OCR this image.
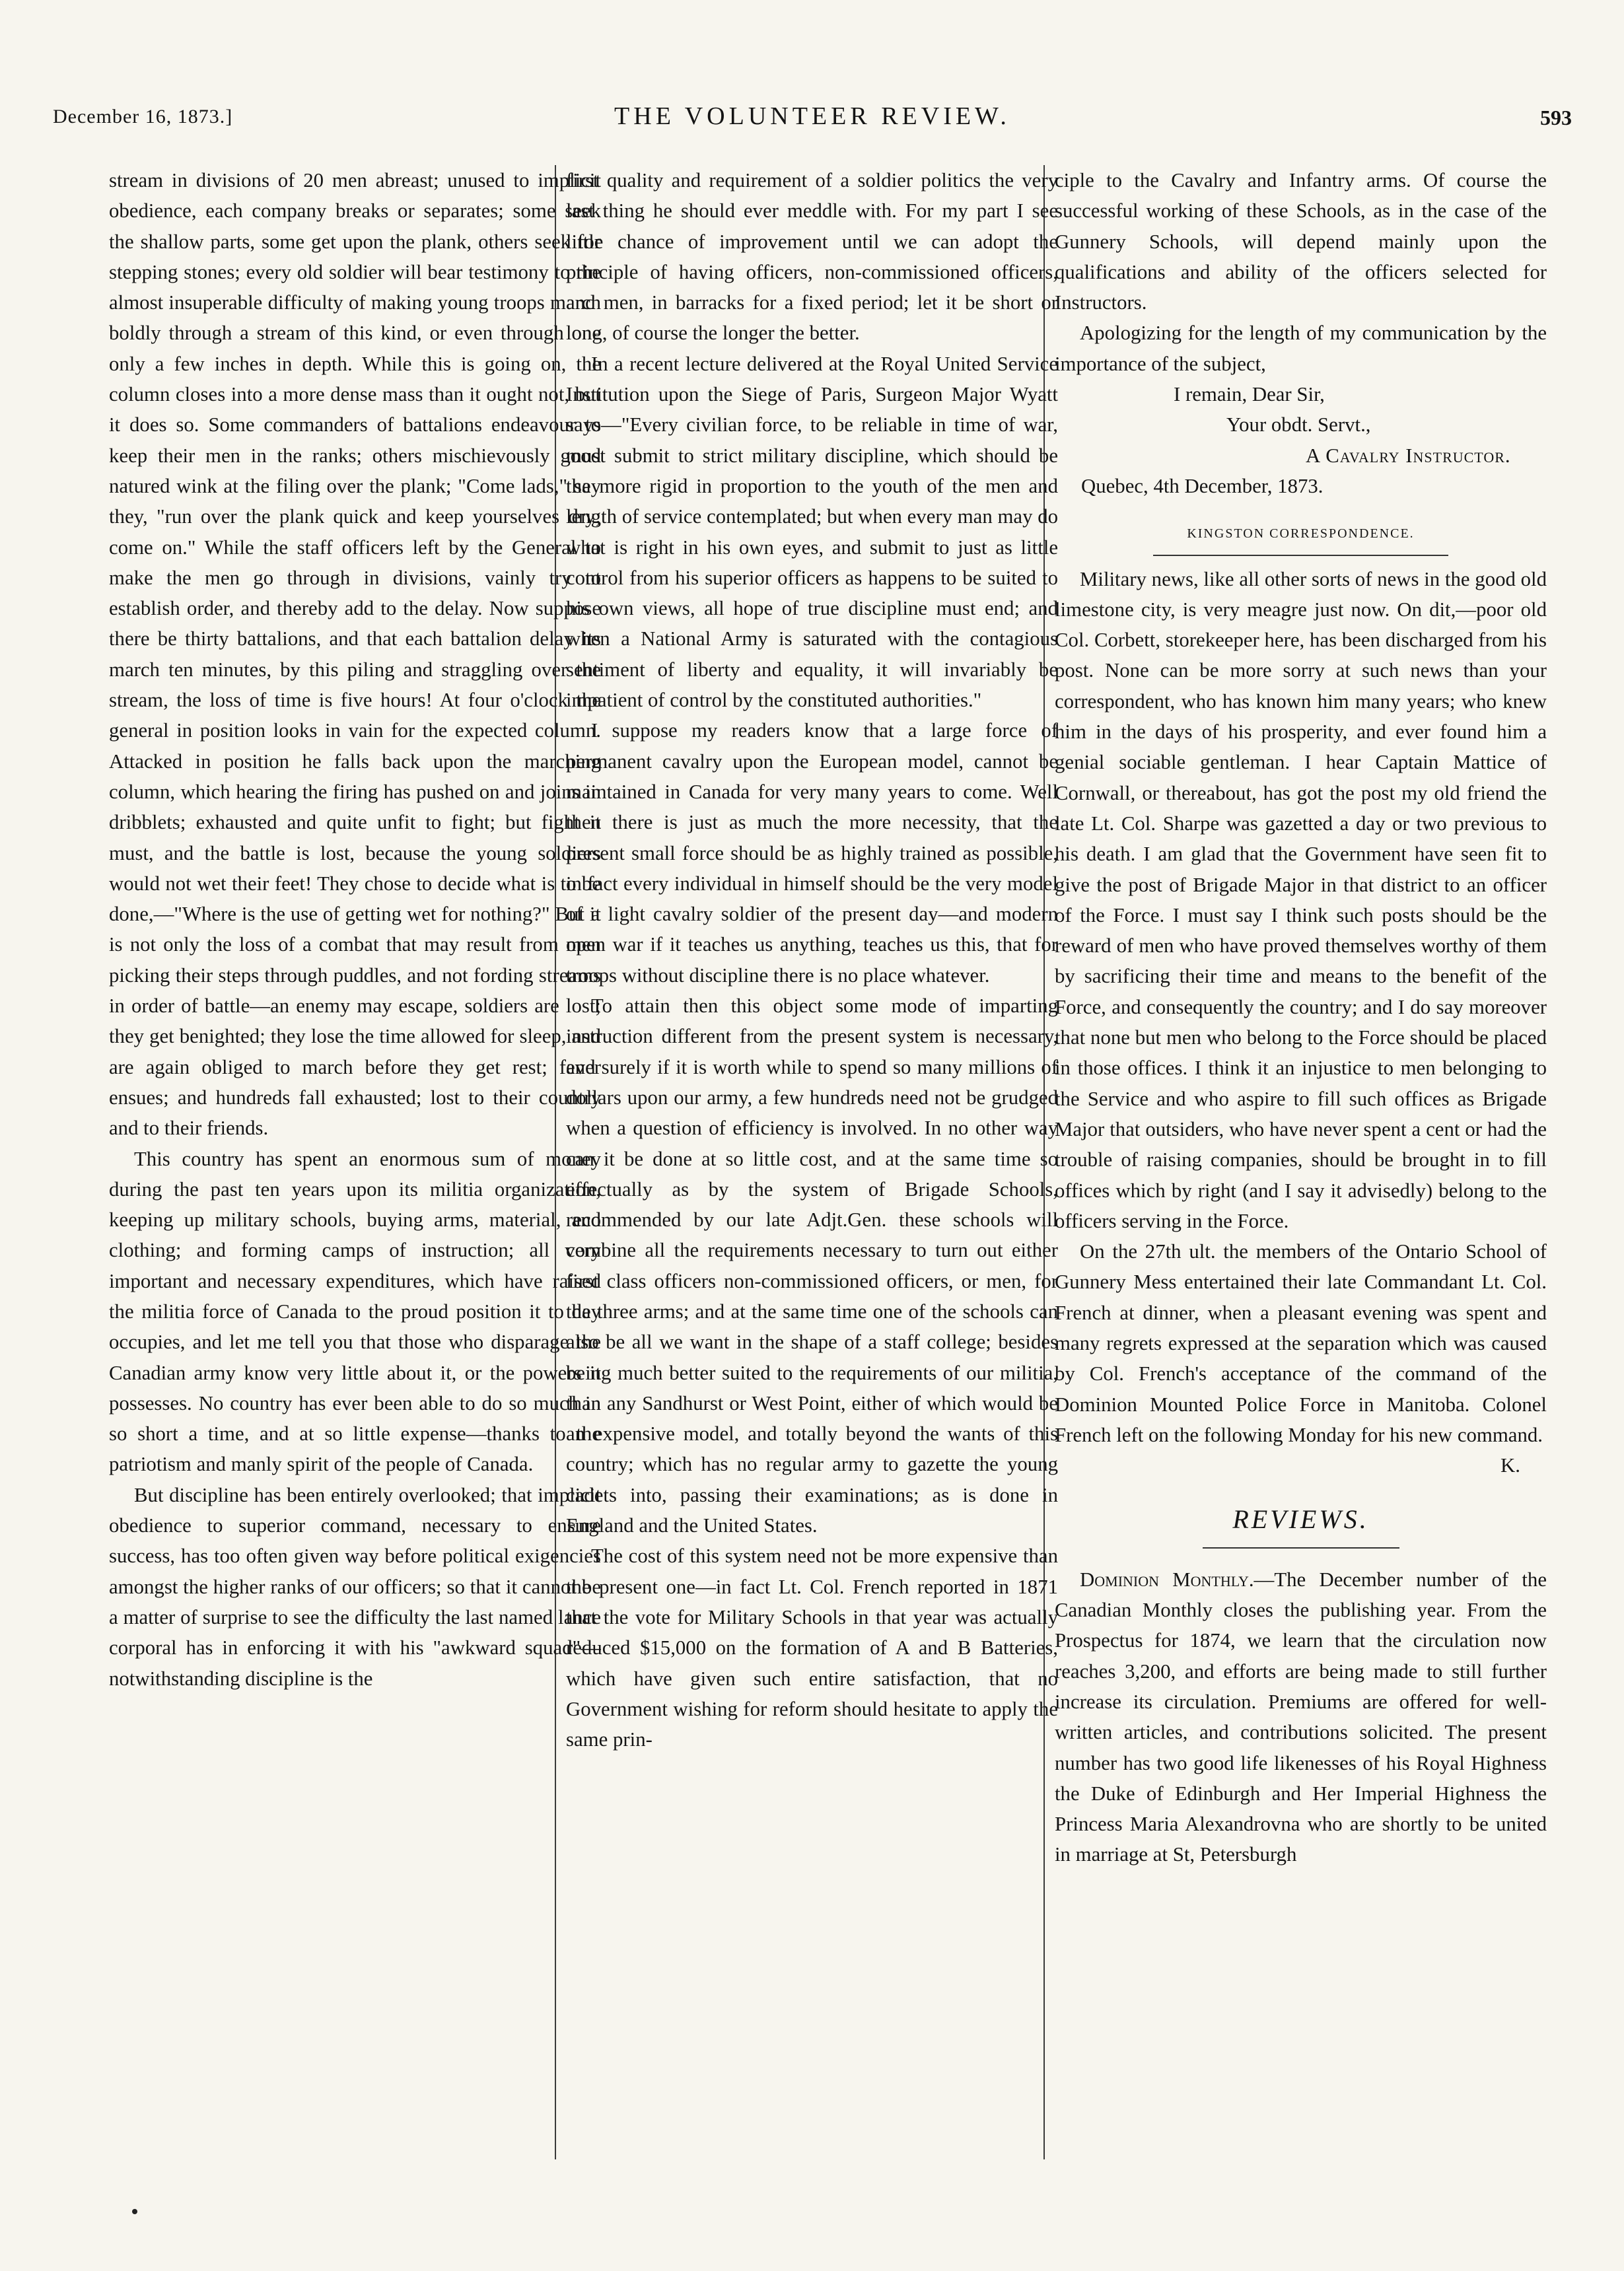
December 16, 1873.]	THE VOLUNTEER REVIEW.	593

stream in divisions of 20 men abreast; unused to implicit obedience, each company breaks or separates; some seek the shallow parts, some get upon the plank, others seek for stepping stones; every old soldier will bear testimony to the almost insuperable difficulty of making young troops march boldly through a stream of this kind, or even through one only a few inches in depth. While this is going on, the column closes into a more dense mass than it ought not, but it does so. Some commanders of battalions endeavour to keep their men in the ranks; others mischievously good natured wink at the filing over the plank; "Come lads," say they, "run over the plank quick and keep yourselves dry; come on." While the staff officers left by the General to make the men go through in divisions, vainly try to establish order, and thereby add to the delay. Now suppose there be thirty battalions, and that each battalion delay its march ten minutes, by this piling and straggling over the stream, the loss of time is five hours! At four o'clock the general in position looks in vain for the expected column. Attacked in position he falls back upon the marching column, which hearing the firing has pushed on and joins in dribblets; exhausted and quite unfit to fight; but fight it must, and the battle is lost, because the young soldiers would not wet their feet! They chose to decide what is to be done,—"Where is the use of getting wet for nothing?" But it is not only the loss of a combat that may result from men picking their steps through puddles, and not fording streams in order of battle—an enemy may escape, soldiers are lost; they get benighted; they lose the time allowed for sleep, and are again obliged to march before they get rest; fever ensues; and hundreds fall exhausted; lost to their country and to their friends.

This country has spent an enormous sum of money during the past ten years upon its militia organization, keeping up military schools, buying arms, material, and clothing; and forming camps of instruction; all very important and necessary expenditures, which have raised the militia force of Canada to the proud position it to day occupies, and let me tell you that those who disparage the Canadian army know very little about it, or the powers it possesses. No country has ever been able to do so much in so short a time, and at so little expense—thanks to the patriotism and manly spirit of the people of Canada.

But discipline has been entirely overlooked; that implicit obedience to superior command, necessary to ensure success, has too often given way before political exigencies amongst the higher ranks of our officers; so that it cannot be a matter of surprise to see the difficulty the last named lance corporal has in enforcing it with his "awkward squad"—notwithstanding discipline is the

first quality and requirement of a soldier politics the very last thing he should ever meddle with. For my part I see little chance of improvement until we can adopt the principle of having officers, non-commissioned officers, and men, in barracks for a fixed period; let it be short or long, of course the longer the better.

In a recent lecture delivered at the Royal United Service Institution upon the Siege of Paris, Surgeon Major Wyatt says—"Every civilian force, to be reliable in time of war, must submit to strict military discipline, which should be the more rigid in proportion to the youth of the men and length of service contemplated; but when every man may do what is right in his own eyes, and submit to just as little control from his superior officers as happens to be suited to his own views, all hope of true discipline must end; and when a National Army is saturated with the contagious sentiment of liberty and equality, it will invariably be impatient of control by the constituted authorities."

I suppose my readers know that a large force of permanent cavalry upon the European model, cannot be maintained in Canada for very many years to come. Well then there is just as much the more necessity, that the present small force should be as highly trained as possible, in fact every individual in himself should be the very model of a light cavalry soldier of the present day—and modern open war if it teaches us anything, teaches us this, that for troops without discipline there is no place whatever.

To attain then this object some mode of imparting instruction different from the present system is necessary, and surely if it is worth while to spend so many millions of dollars upon our army, a few hundreds need not be grudged when a question of efficiency is involved. In no other way can it be done at so little cost, and at the same time so effectually as by the system of Brigade Schools, recommended by our late Adjt.Gen. these schools will combine all the requirements necessary to turn out either first class officers non-commissioned officers, or men, for the three arms; and at the same time one of the schools can also be all we want in the shape of a staff college; besides being much better suited to the requirements of our militia, than any Sandhurst or West Point, either of which would be an expensive model, and totally beyond the wants of this country; which has no regular army to gazette the young cadets into, passing their examinations; as is done in England and the United States.

The cost of this system need not be more expensive than the present one—in fact Lt. Col. French reported in 1871 that the vote for Military Schools in that year was actually reduced $15,000 on the formation of A and B Batteries, which have given such entire satisfaction, that no Government wishing for reform should hesitate to apply the same prin-

ciple to the Cavalry and Infantry arms. Of course the successful working of these Schools, as in the case of the Gunnery Schools, will depend mainly upon the qualifications and ability of the officers selected for Instructors.

Apologizing for the length of my communication by the importance of the subject,

I remain, Dear Sir,
Your obdt. Servt.,
A Cavalry Instructor.
Quebec, 4th December, 1873.
KINGSTON CORRESPONDENCE.

Military news, like all other sorts of news in the good old limestone city, is very meagre just now. On dit,—poor old Col. Corbett, storekeeper here, has been discharged from his post. None can be more sorry at such news than your correspondent, who has known him many years; who knew him in the days of his prosperity, and ever found him a genial sociable gentleman. I hear Captain Mattice of Cornwall, or thereabout, has got the post my old friend the late Lt. Col. Sharpe was gazetted a day or two previous to his death. I am glad that the Government have seen fit to give the post of Brigade Major in that district to an officer of the Force. I must say I think such posts should be the reward of men who have proved themselves worthy of them by sacrificing their time and means to the benefit of the Force, and consequently the country; and I do say moreover that none but men who belong to the Force should be placed in those offices. I think it an injustice to men belonging to the Service and who aspire to fill such offices as Brigade Major that outsiders, who have never spent a cent or had the trouble of raising companies, should be brought in to fill offices which by right (and I say it advisedly) belong to the officers serving in the Force.

On the 27th ult. the members of the Ontario School of Gunnery Mess entertained their late Commandant Lt. Col. French at dinner, when a pleasant evening was spent and many regrets expressed at the separation which was caused by Col. French's acceptance of the command of the Dominion Mounted Police Force in Manitoba. Colonel French left on the following Monday for his new command.

K.

REVIEWS.

Dominion Monthly.—The December number of the Canadian Monthly closes the publishing year. From the Prospectus for 1874, we learn that the circulation now reaches 3,200, and efforts are being made to still further increase its circulation. Premiums are offered for well-written articles, and contributions solicited. The present number has two good life likenesses of his Royal Highness the Duke of Edinburgh and Her Imperial Highness the Princess Maria Alexandrovna who are shortly to be united in marriage at St, Petersburgh
